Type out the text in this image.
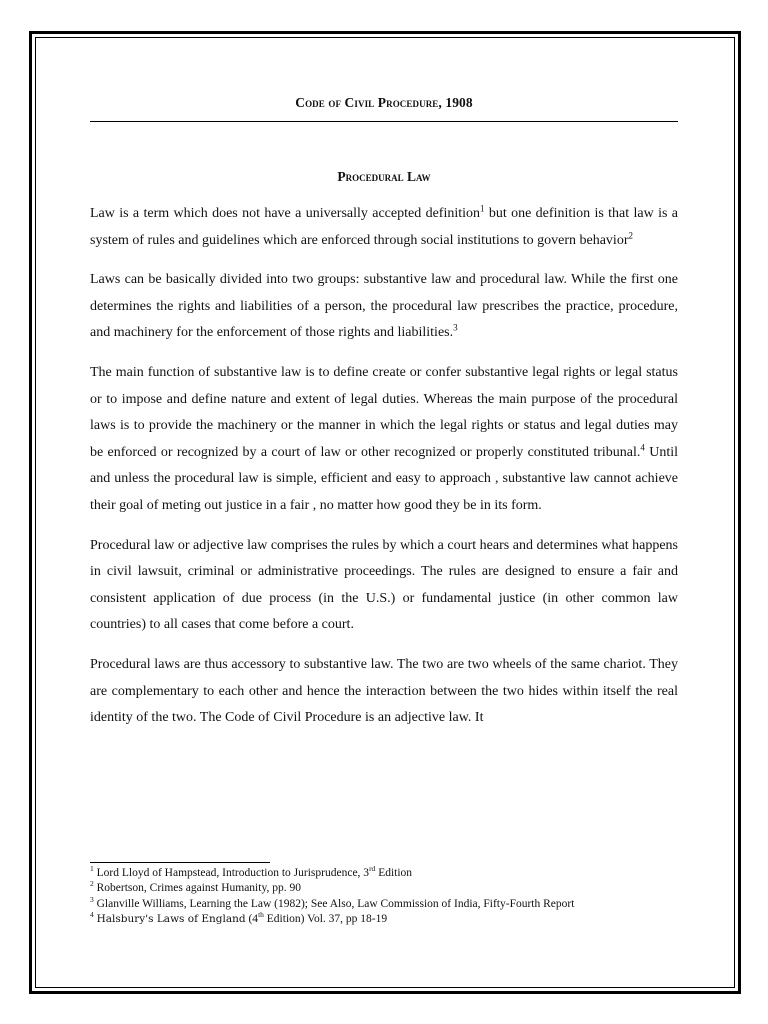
Code of Civil Procedure, 1908
Procedural Law

Law is a term which does not have a universally accepted definition$^1$ but one definition is that law is a system of rules and guidelines which are enforced through social institutions to govern behavior$^2$

Laws can be basically divided into two groups: substantive law and procedural law. While the first one determines the rights and liabilities of a person, the procedural law prescribes the practice, procedure, and machinery for the enforcement of those rights and liabilities.$^3$

The main function of substantive law is to define create or confer substantive legal rights or legal status or to impose and define nature and extent of legal duties. Whereas the main purpose of the procedural laws is to provide the machinery or the manner in which the legal rights or status and legal duties may be enforced or recognized by a court of law or other recognized or properly constituted tribunal.$^4$ Until and unless the procedural law is simple, efficient and easy to approach , substantive law cannot achieve their goal of meting out justice in a fair , no matter how good they be in its form.

Procedural law or adjective law comprises the rules by which a court hears and determines what happens in civil lawsuit, criminal or administrative proceedings. The rules are designed to ensure a fair and consistent application of due process (in the U.S.) or fundamental justice (in other common law countries) to all cases that come before a court.

Procedural laws are thus accessory to substantive law. The two are two wheels of the same chariot. They are complementary to each other and hence the interaction between the two hides within itself the real identity of the two. The Code of Civil Procedure is an adjective law. It

$^1$ Lord Lloyd of Hampstead, Introduction to Jurisprudence, 3rd Edition

$^2$ Robertson, Crimes against Humanity, pp. 90

$^3$ Glanville Williams, Learning the Law (1982); See Also, Law Commission of India, Fifty-Fourth Report

$^4$ Halsbury's Laws of England (4th Edition) Vol. 37, pp 18-19
